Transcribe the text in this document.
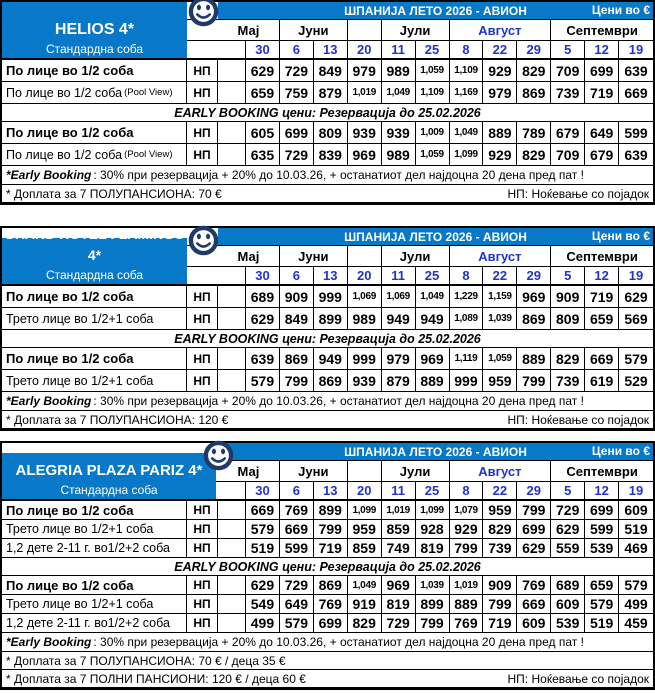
ШПАНИЈА ЛЕТО 2026 - АВИОН	Цени во €
Мај	Јуни	Јули	Август	Септември
30	6	13	20	11	25	8	22	29	5	12	19
По лице во 1/2 соба	НП	629 729 849 979 989	1,059	1,109 929 829 709 699 639
По лице во 1/2 соба (Pool View)	НП	659 759 879	1,019	1,049	1,109	1,169 979 869 739 719 669
EARLY BOOKING цени: Резервација до 25.02.2026
По лице во 1/2 соба	НП	605 699 809 939 939	1,009	1,049 889 789 679 649 599
По лице во 1/2 соба (Pool View)	НП	635 729 839 969 989	1,059	1,099 929 829 709 679 639
*Early Booking : 30% при резервација + 20% до 10.03.26, + останатиот дел најдоцна 20 дена пред пат !
* Доплата за 7 ПОЛУПАНСИОНА: 70 €	НП: Ноќевање со појадок
HELIOS 4*
Стандардна соба
ШПАНИЈА ЛЕТО 2026 - АВИОН	Цени во €
Мај	Јуни	Јули	Август	Септември
30	6	13	20	11	25	8	22	29	5	12	19
По лице во 1/2 соба	НП	689 909 999	1,069	1,069	1,049	1,229	1,159 969 909 719 629
Трето лице во 1/2+1 соба	НП	629 849 899 989 949 949	1,089	1,039 869 809 659 569
EARLY BOOKING цени: Резервација до 25.02.2026
По лице во 1/2 соба	НП	639 869 949 999 979 969	1,119	1,059 889 829 669 579
Трето лице во 1/2+1 соба	НП	579 799 869 939 879 889 999 959 799 739 619 529
*Early Booking : 30% при резервација + 20% до 10.03.26, + останатиот дел најдоцна 20 дена пред пат !
* Доплата за 7 ПОЛУПАНСИОНА: 120 €	НП: Ноќевање со појадок
GRAND HOTEL FLAMINGO 4*
Стандардна соба
ШПАНИЈА ЛЕТО 2026 - АВИОН	Цени во €
Мај	Јуни	Јули	Август	Септември
30	6	13	20	11	25	8	22	29	5	12	19
По лице во 1/2 соба	НП	669 769 899	1,099	1,019	1,099	1,079 959 799 729 699 609
Трето лице во 1/2+1 соба	НП	579 669 799 959 859 928 929 829 699 629 599 519
1,2 дете 2-11 г. во1/2+2 соба	НП	519 599 719 859 749 819 799 739 629 559 539 469
EARLY BOOKING цени: Резервација до 25.02.2026
По лице во 1/2 соба	НП	629 729 869	1,049 969	1,039	1,019 909 769 689 659 579
Трето лице во 1/2+1 соба	НП	549 649 769 919 819 899 889 799 669 609 579 499
1,2 дете 2-11 г. во1/2+2 соба	НП	499 579 699 829 729 799 769 719 609 539 519 459
*Early Booking : 30% при резервација + 20% до 10.03.26, + останатиот дел најдоцна 20 дена пред пат !
* Доплата за 7 ПОЛУПАНСИОНА: 70 € / деца 35 €
* Доплата за 7 ПОЛНИ ПАНСИОНИ: 120 € / деца 60 €	НП: Ноќевање со појадок
ALEGRIA PLAZA PARIZ 4*
Стандардна соба
